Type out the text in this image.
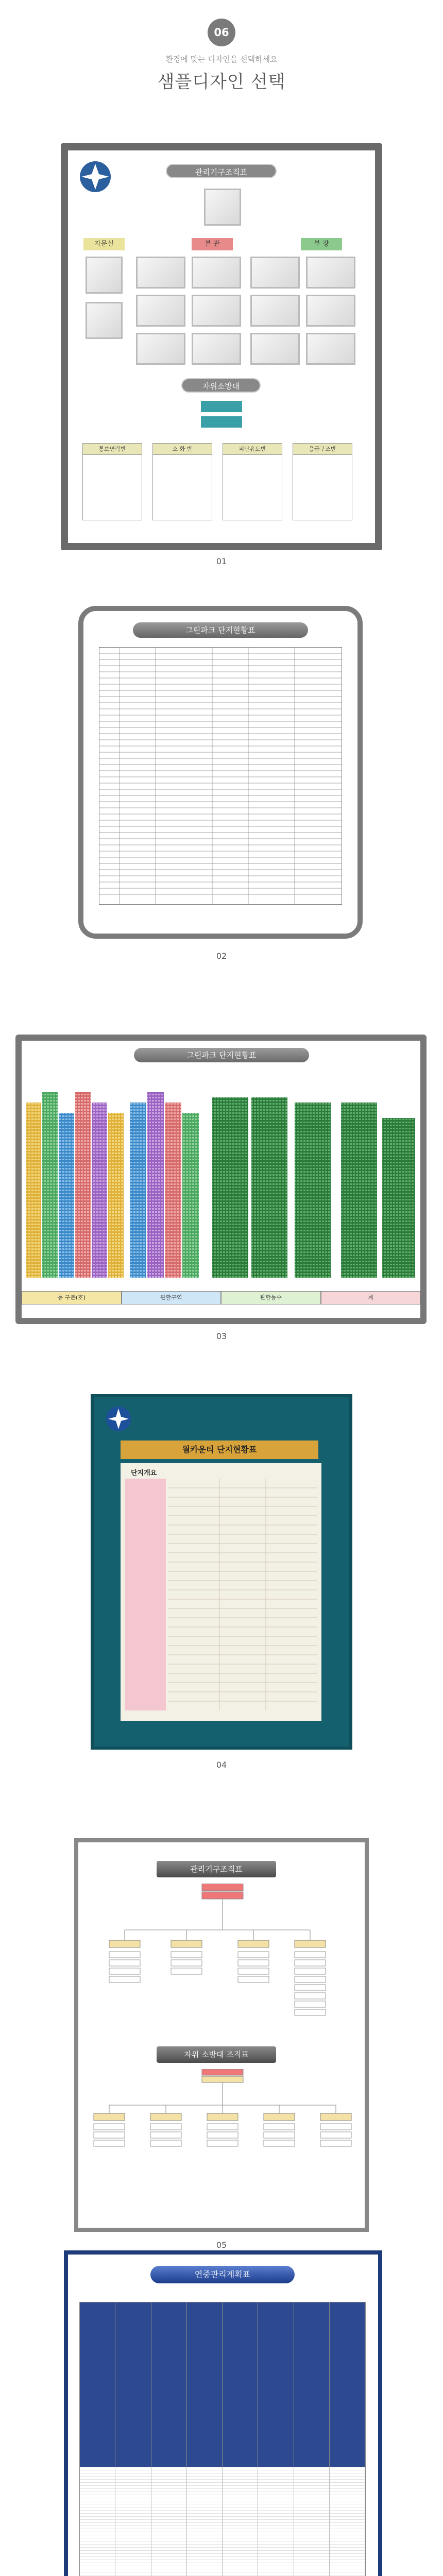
06
환경에 맞는 디자인을 선택하세요
샘플디자인 선택
관리기구조직표
자문실	본 관	부 장
자위소방대
통보연락반	소 화 반	피난유도반	응급구조반
01
그린파크 단지현황표
02
그린파크 단지현황표
동 구분(호)	관할구역	관할동수	계
03
월카운티 단지현황표
단지개요
04
관리기구조직표
자위 소방대 조직표
05
연중관리계획표
